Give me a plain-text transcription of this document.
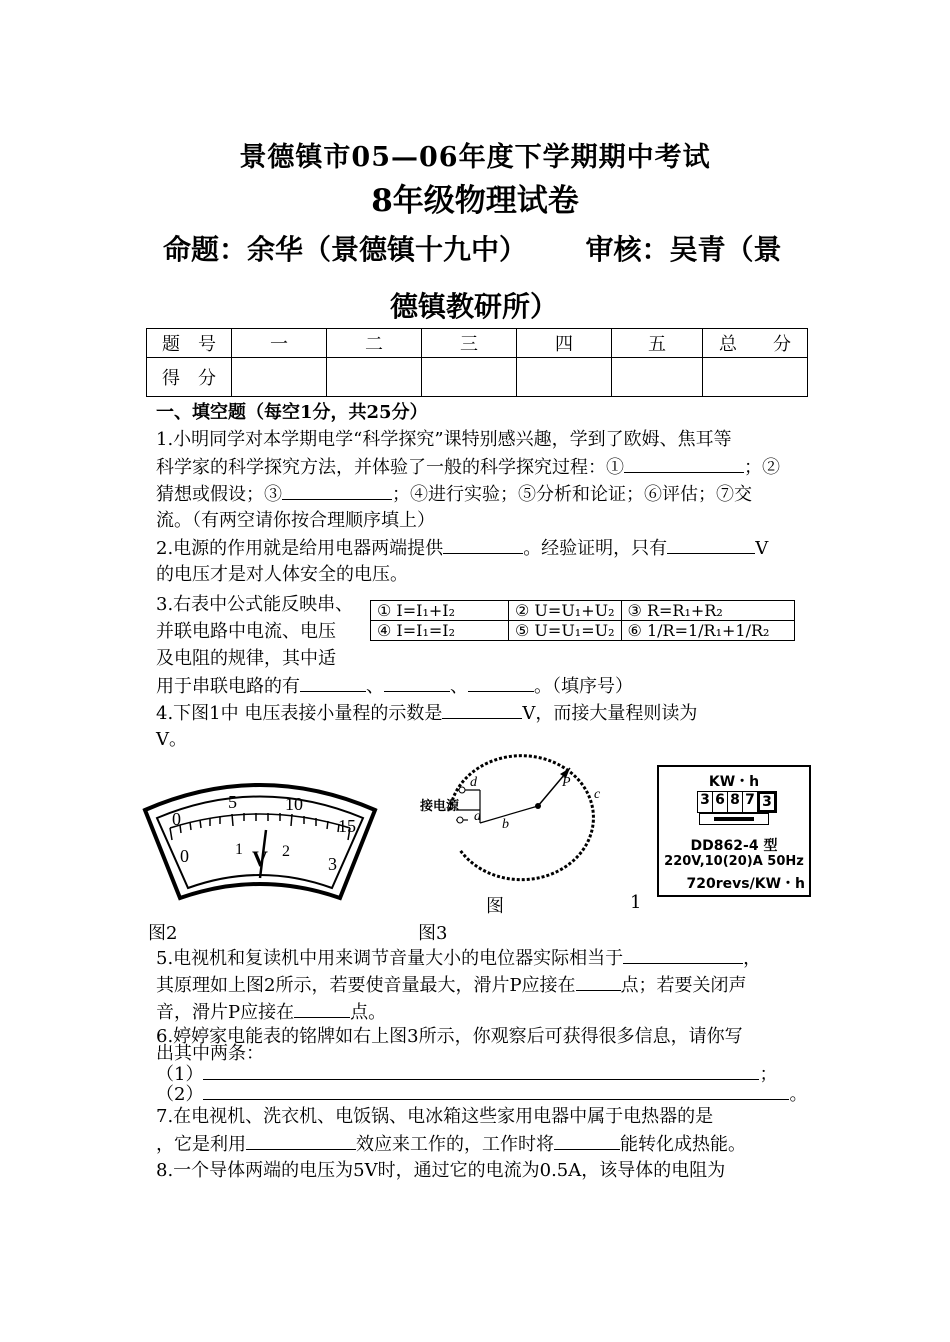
景德镇市05—06年度下学期期中考试
8年级物理试卷
命题：余华（景德镇十九中）      审核：吴青（景
德镇教研所）
题　号	一	二	三	四	五	总　　分
得　分						
一、填空题（每空1分，共25分）
1.小明同学对本学期电学“科学探究”课特别感兴趣，学到了欧姆、焦耳等
科学家的科学探究方法，并体验了一般的科学探究过程：①	；②
猜想或假设；③	；④进行实验；⑤分析和论证；⑥评估；⑦交
流。（有两空请你按合理顺序填上）
2.电源的作用就是给用电器两端提供	。经验证明，只有	V
的电压才是对人体安全的电压。
3.右表中公式能反映串、
并联电路中电流、电压
及电阻的规律，其中适
用于串联电路的有	、	、	。（填序号）
① I=I₁+I₂	② U=U₁+U₂	③ R=R₁+R₂
④ I=I₁=I₂	⑤ U=U₁=U₂	⑥ 1/R=1/R₁+1/R₂
4.下图1中 电压表接小量程的示数是	V，而接大量程则读为
V。
0
5	10
15
0	1 2
3
V
接电源
d	P
c
a
b
KW・h
3 6 8 7 3
DD862-4 型
220V,10(20)A 50Hz
720revs/KW・h
图	1
图2	图3
5.电视机和复读机中用来调节音量大小的电位器实际相当于	，
其原理如上图2所示，若要使音量最大，滑片P应接在	点；若要关闭声
音，滑片P应接在	点。
6.婷婷家电能表的铭牌如右上图3所示，你观察后可获得很多信息，请你写
出其中两条：
（1）	；
（2）	。
7.在电视机、洗衣机、电饭锅、电冰箱这些家用电器中属于电热器的是
，它是利用	效应来工作的，工作时将	能转化成热能。
8.一个导体两端的电压为5V时，通过它的电流为0.5A，该导体的电阻为
